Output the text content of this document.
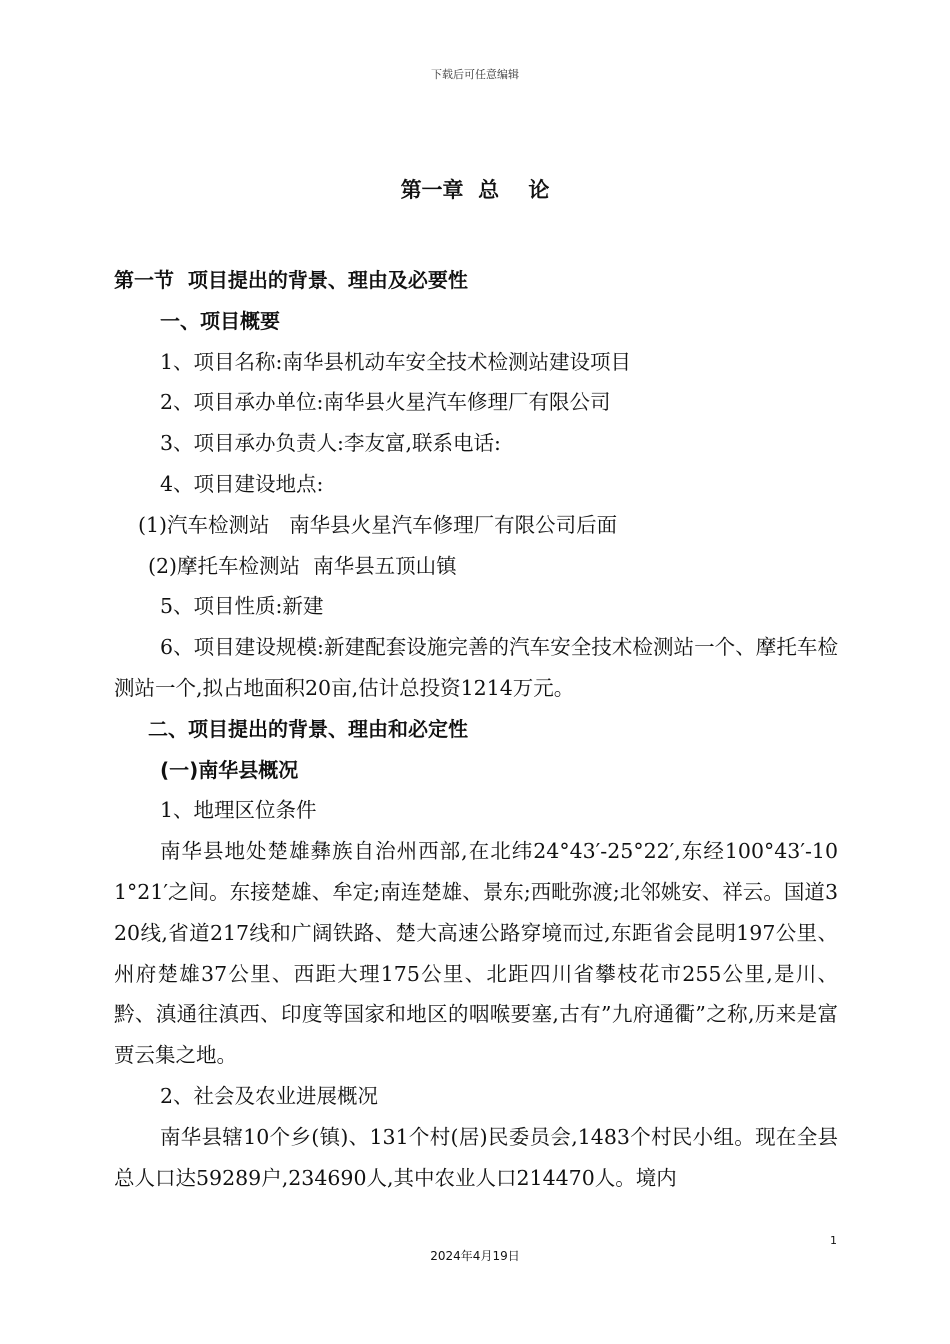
下载后可任意编辑
第一章  总    论
第一节  项目提出的背景、理由及必要性
一、项目概要
1、项目名称:南华县机动车安全技术检测站建设项目
2、项目承办单位:南华县火星汽车修理厂有限公司
3、项目承办负责人:李友富,联系电话:
4、项目建设地点:
(1)汽车检测站   南华县火星汽车修理厂有限公司后面
(2)摩托车检测站  南华县五顶山镇
5、项目性质:新建

6、项目建设规模:新建配套设施完善的汽车安全技术检测站一个、摩托车检测站一个,拟占地面积20亩,估计总投资1214万元。

二、项目提出的背景、理由和必定性
(一)南华县概况
1、地理区位条件

南华县地处楚雄彝族自治州西部,在北纬24°43′-25°22′,东经100°43′-101°21′之间。东接楚雄、牟定;南连楚雄、景东;西毗弥渡;北邻姚安、祥云。国道320线,省道217线和广阔铁路、楚大高速公路穿境而过,东距省会昆明197公里、州府楚雄37公里、西距大理175公里、北距四川省攀枝花市255公里,是川、黔、滇通往滇西、印度等国家和地区的咽喉要塞,古有”九府通衢”之称,历来是富贾云集之地。

2、社会及农业进展概况

南华县辖10个乡(镇)、131个村(居)民委员会,1483个村民小组。现在全县总人口达59289户,234690人,其中农业人口214470人。境内

1
2024年4月19日
